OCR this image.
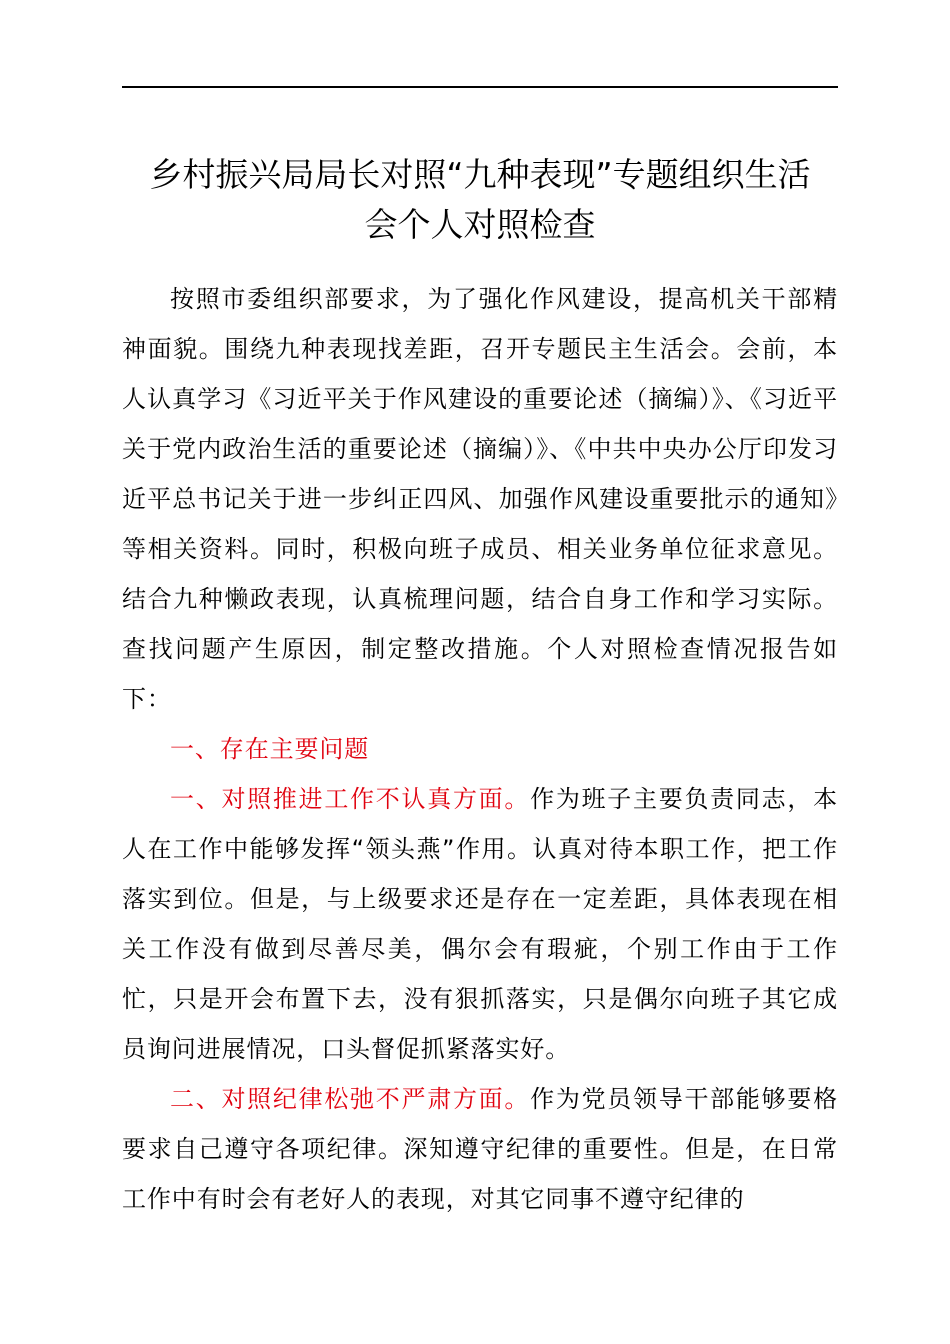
乡村振兴局局长对照“九种表现”专题组织生活
会个人对照检查

按照市委组织部要求，为了强化作风建设，提高机关干部精神面貌。围绕九种表现找差距，召开专题民主生活会。会前，本人认真学习《习近平关于作风建设的重要论述（摘编）》、《习近平关于党内政治生活的重要论述（摘编）》、《中共中央办公厅印发习近平总书记关于进一步纠正四风、加强作风建设重要批示的通知》等相关资料。同时，积极向班子成员、相关业务单位征求意见。结合九种懒政表现，认真梳理问题，结合自身工作和学习实际。查找问题产生原因，制定整改措施。个人对照检查情况报告如下：

一、存在主要问题

一、对照推进工作不认真方面。作为班子主要负责同志，本人在工作中能够发挥“领头燕”作用。认真对待本职工作，把工作落实到位。但是，与上级要求还是存在一定差距，具体表现在相关工作没有做到尽善尽美，偶尔会有瑕疵，个别工作由于工作忙，只是开会布置下去，没有狠抓落实，只是偶尔向班子其它成员询问进展情况，口头督促抓紧落实好。

二、对照纪律松弛不严肃方面。作为党员领导干部能够要格要求自己遵守各项纪律。深知遵守纪律的重要性。但是，在日常工作中有时会有老好人的表现，对其它同事不遵守纪律的
